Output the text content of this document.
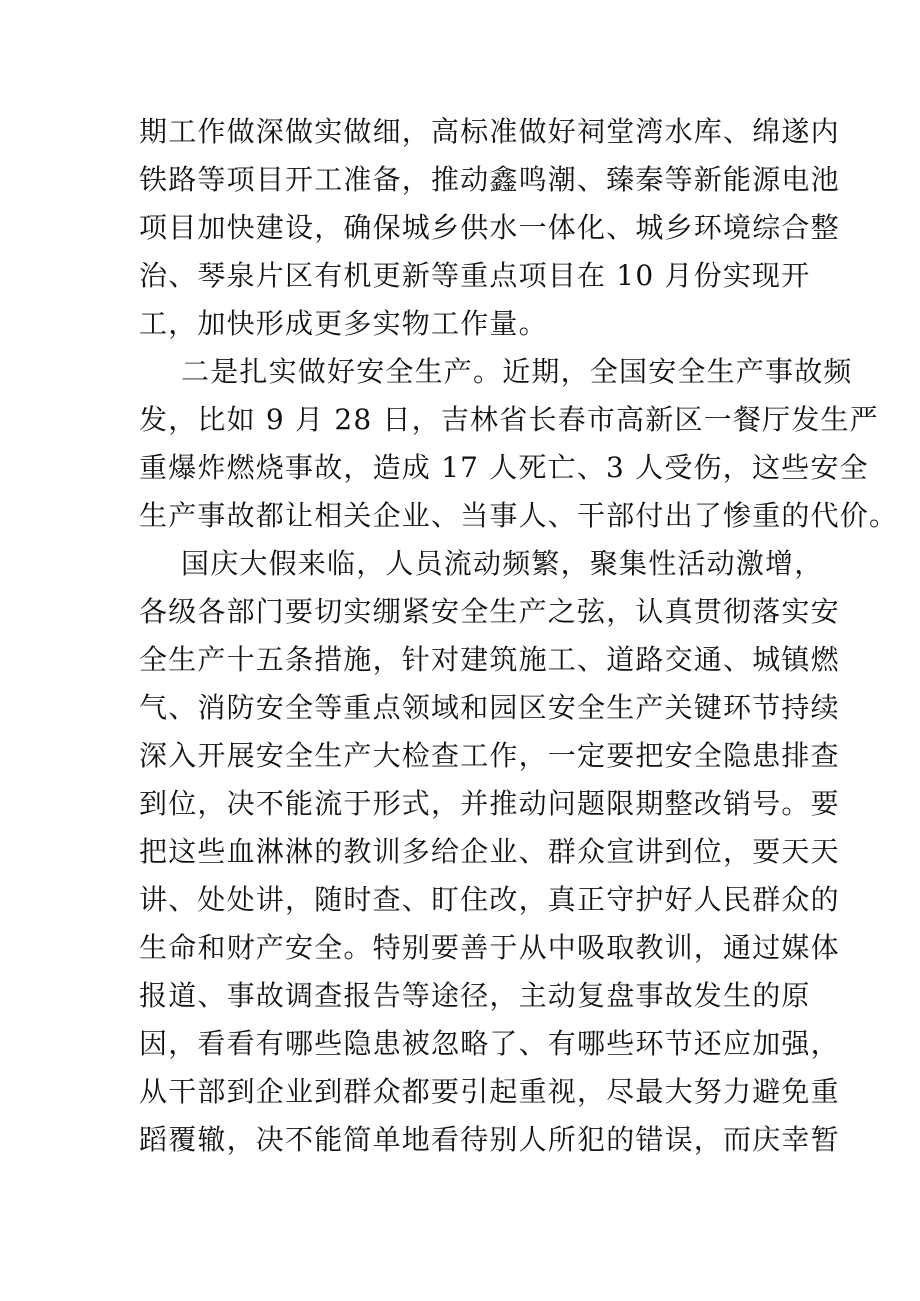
期工作做深做实做细，高标准做好祠堂湾水库、绵遂内
铁路等项目开工准备，推动鑫鸣潮、臻秦等新能源电池
项目加快建设，确保城乡供水一体化、城乡环境综合整
治、琴泉片区有机更新等重点项目在 10 月份实现开
工，加快形成更多实物工作量。
二是扎实做好安全生产。近期，全国安全生产事故频
发，比如 9 月 28 日，吉林省长春市高新区一餐厅发生严
重爆炸燃烧事故，造成 17 人死亡、3 人受伤，这些安全
生产事故都让相关企业、当事人、干部付出了惨重的代价。
国庆大假来临，人员流动频繁，聚集性活动激增，
各级各部门要切实绷紧安全生产之弦，认真贯彻落实安
全生产十五条措施，针对建筑施工、道路交通、城镇燃
气、消防安全等重点领域和园区安全生产关键环节持续
深入开展安全生产大检查工作，一定要把安全隐患排查
到位，决不能流于形式，并推动问题限期整改销号。要
把这些血淋淋的教训多给企业、群众宣讲到位，要天天
讲、处处讲，随时查、盯住改，真正守护好人民群众的
生命和财产安全。特别要善于从中吸取教训，通过媒体
报道、事故调查报告等途径，主动复盘事故发生的原
因，看看有哪些隐患被忽略了、有哪些环节还应加强，
从干部到企业到群众都要引起重视，尽最大努力避免重
蹈覆辙，决不能简单地看待别人所犯的错误，而庆幸暂
